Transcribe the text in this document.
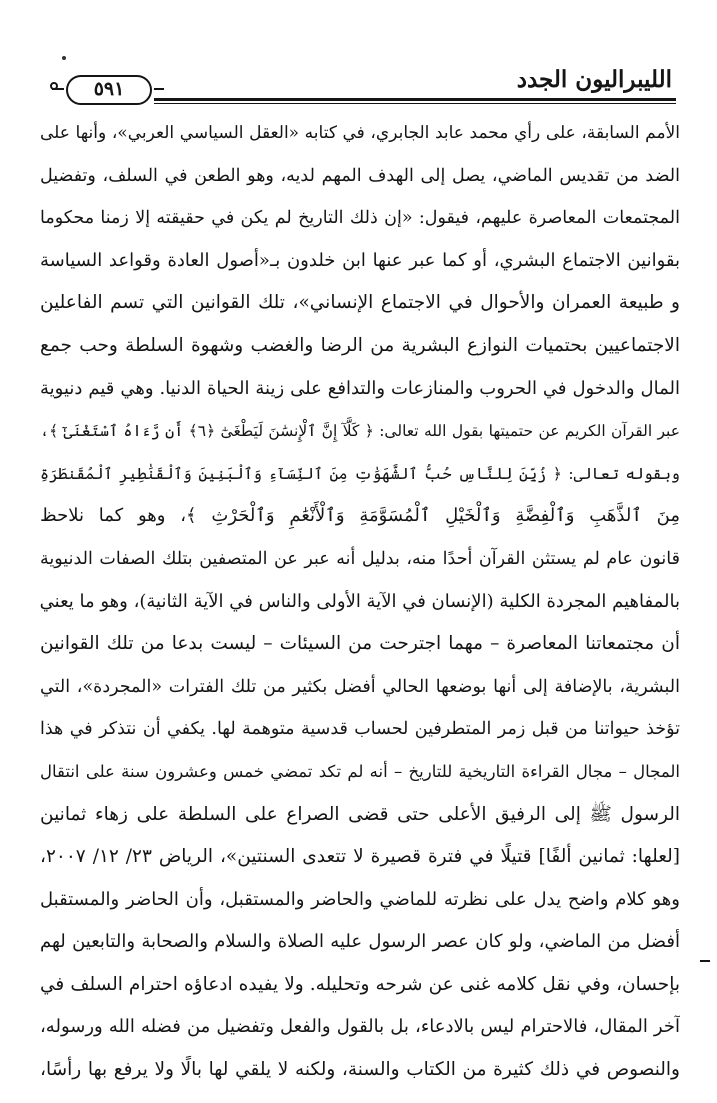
الليبراليون الجدد
٥٩١
الأمم السابقة، على رأي محمد عابد الجابري، في كتابه «العقل السياسي العربي»، وأنها على
الضد من تقديس الماضي، يصل إلى الهدف المهم لديه، وهو الطعن في السلف، وتفضيل
المجتمعات المعاصرة عليهم، فيقول: «إن ذلك التاريخ لم يكن في حقيقته إلا زمنا محكوما
بقوانين الاجتماع البشري، أو كما عبر عنها ابن خلدون بـ«أصول العادة وقواعد السياسة
و طبيعة العمران والأحوال في الاجتماع الإنساني»، تلك القوانين التي تسم الفاعلين
الاجتماعيين بحتميات النوازع البشرية من الرضا والغضب وشهوة السلطة وحب جمع
المال والدخول في الحروب والمنازعات والتدافع على زينة الحياة الدنيا. وهي قيم دنيوية
عبر القرآن الكريم عن حتميتها بقول الله تعالى: ﴿ كَلَّآ إِنَّ ٱلْإِنسَٰنَ لَيَطْغَىٰٓ ﴿٦﴾ أَن رَّءَاهُ ٱسْتَغْنَىٰٓ ﴾،
وبقوله تعالى: ﴿ زُيِّنَ لِلنَّاسِ حُبُّ ٱلشَّهَوَٰتِ مِنَ ٱلنِّسَآءِ وَٱلْبَنِينَ وَٱلْقَنَٰطِيرِ ٱلْمُقَنطَرَةِ
مِنَ ٱلذَّهَبِ وَٱلْفِضَّةِ وَٱلْخَيْلِ ٱلْمُسَوَّمَةِ وَٱلْأَنْعَٰمِ وَٱلْحَرْثِ ﴾، وهو كما نلاحظ
قانون عام لم يستثن القرآن أحدًا منه، بدليل أنه عبر عن المتصفين بتلك الصفات الدنيوية
بالمفاهيم المجردة الكلية (الإنسان في الآية الأولى والناس في الآية الثانية)، وهو ما يعني
أن مجتمعاتنا المعاصرة – مهما اجترحت من السيئات – ليست بدعا من تلك القوانين
البشرية، بالإضافة إلى أنها بوضعها الحالي أفضل بكثير من تلك الفترات «المجردة»، التي
تؤخذ حيواتنا من قبل زمر المتطرفين لحساب قدسية متوهمة لها. يكفي أن نتذكر في هذا
المجال – مجال القراءة التاريخية للتاريخ – أنه لم تكد تمضي خمس وعشرون سنة على انتقال
الرسول ﷺ إلى الرفيق الأعلى حتى قضى الصراع على السلطة على زهاء ثمانين
[لعلها: ثمانين ألفًا] قتيلًا في فترة قصيرة لا تتعدى السنتين»، الرياض ٢٣/ ١٢/ ٢٠٠٧،
وهو كلام واضح يدل على نظرته للماضي والحاضر والمستقبل، وأن الحاضر والمستقبل
أفضل من الماضي، ولو كان عصر الرسول عليه الصلاة والسلام والصحابة والتابعين لهم
بإحسان، وفي نقل كلامه غنى عن شرحه وتحليله. ولا يفيده ادعاؤه احترام السلف في
آخر المقال، فالاحترام ليس بالادعاء، بل بالقول والفعل وتفضيل من فضله الله ورسوله،
والنصوص في ذلك كثيرة من الكتاب والسنة، ولكنه لا يلقي لها بالًا ولا يرفع بها رأسًا،
